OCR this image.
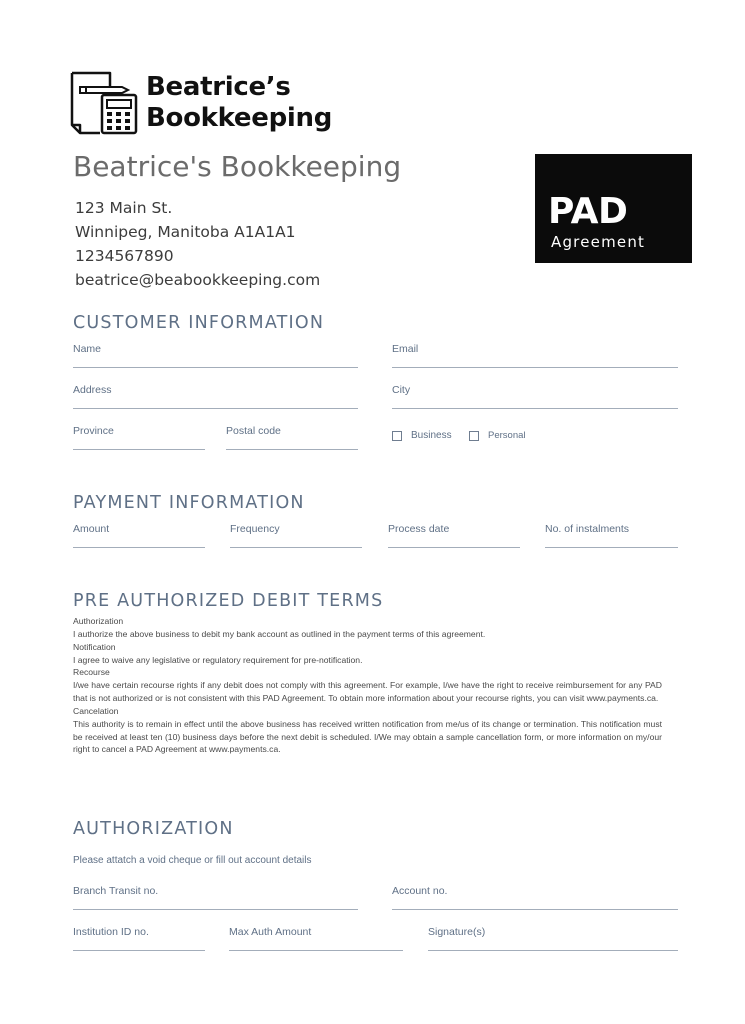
Beatrice’s
Bookkeeping
Beatrice's Bookkeeping
123 Main St.
Winnipeg, Manitoba A1A1A1
1234567890
beatrice@beabookkeeping.com
PAD
Agreement
CUSTOMER INFORMATION
Name	Email
Address	City
Province	Postal code	Business	Personal
PAYMENT INFORMATION
Amount	Frequency	Process date	No. of instalments
PRE AUTHORIZED DEBIT TERMS

Authorization

I authorize the above business to debit my bank account as outlined in the payment terms of this agreement.

Notification

I agree to waive any legislative or regulatory requirement for pre-notification.

Recourse

I/we have certain recourse rights if any debit does not comply with this agreement. For example, I/we have the right to receive reimbursement for any PAD that is not authorized or is not consistent with this PAD Agreement. To obtain more information about your recourse rights, you can visit www.payments.ca.

Cancelation

This authority is to remain in effect until the above business has received written notification from me/us of its change or termination. This notification must be received at least ten (10) business days before the next debit is scheduled. I/We may obtain a sample cancellation form, or more information on my/our right to cancel a PAD Agreement at www.payments.ca.

AUTHORIZATION
Please attatch a void cheque or fill out account details
Branch Transit no.	Account no.
Institution ID no.	Max Auth Amount	Signature(s)
